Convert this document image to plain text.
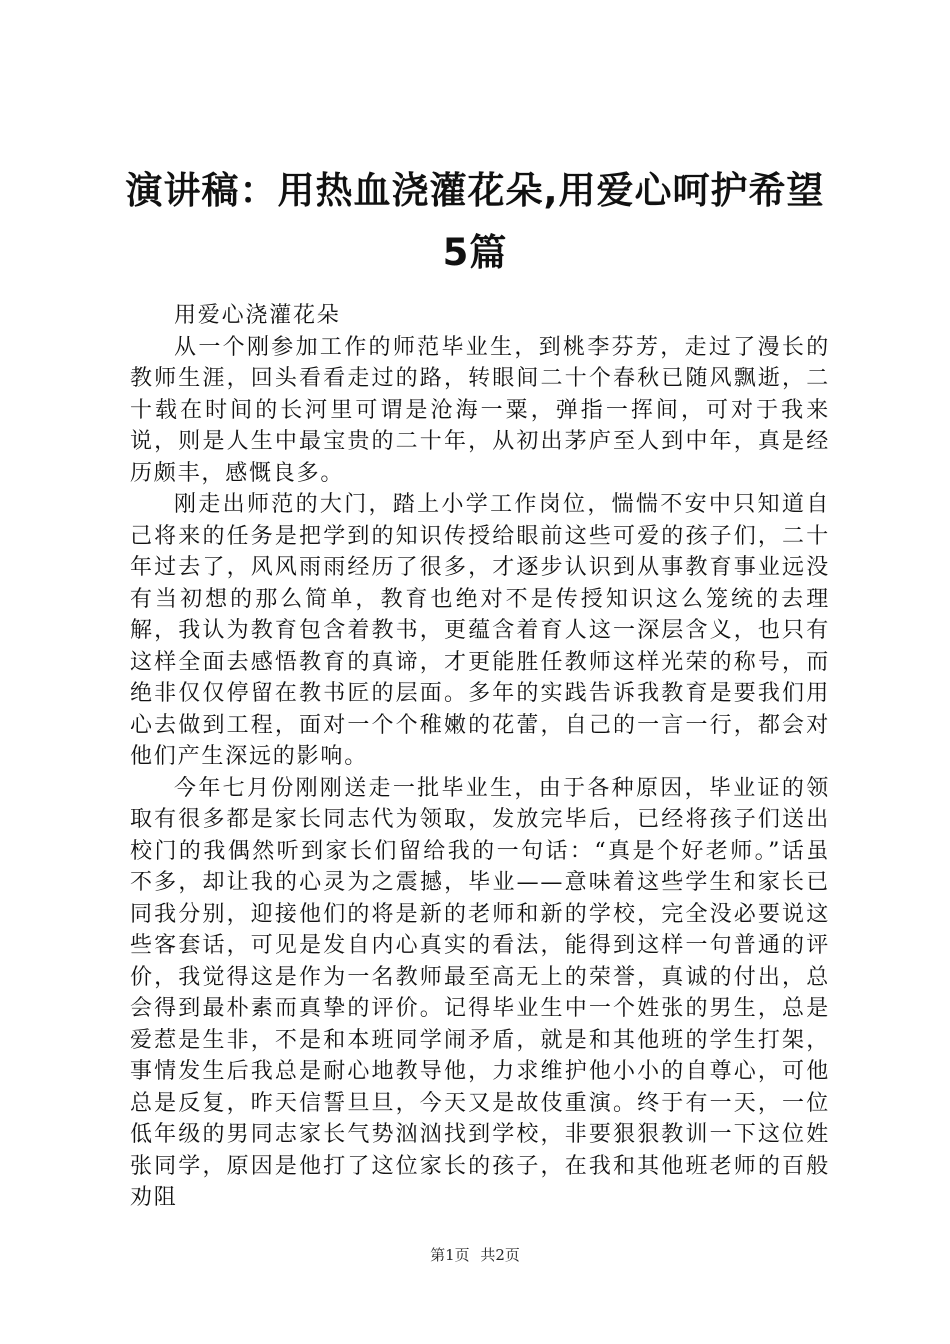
演讲稿：用热血浇灌花朵,用爱心呵护希望5篇

用爱心浇灌花朵

从一个刚参加工作的师范毕业生，到桃李芬芳，走过了漫长的教师生涯，回头看看走过的路，转眼间二十个春秋已随风飘逝，二十载在时间的长河里可谓是沧海一粟，弹指一挥间，可对于我来说，则是人生中最宝贵的二十年，从初出茅庐至人到中年，真是经历颇丰，感慨良多。

刚走出师范的大门，踏上小学工作岗位，惴惴不安中只知道自己将来的任务是把学到的知识传授给眼前这些可爱的孩子们，二十年过去了，风风雨雨经历了很多，才逐步认识到从事教育事业远没有当初想的那么简单，教育也绝对不是传授知识这么笼统的去理解，我认为教育包含着教书，更蕴含着育人这一深层含义，也只有这样全面去感悟教育的真谛，才更能胜任教师这样光荣的称号，而绝非仅仅停留在教书匠的层面。多年的实践告诉我教育是要我们用心去做到工程，面对一个个稚嫩的花蕾，自己的一言一行，都会对他们产生深远的影响。

今年七月份刚刚送走一批毕业生，由于各种原因，毕业证的领取有很多都是家长同志代为领取，发放完毕后，已经将孩子们送出校门的我偶然听到家长们留给我的一句话：“真是个好老师。”话虽不多，却让我的心灵为之震撼，毕业——意味着这些学生和家长已同我分别，迎接他们的将是新的老师和新的学校，完全没必要说这些客套话，可见是发自内心真实的看法，能得到这样一句普通的评价，我觉得这是作为一名教师最至高无上的荣誉，真诚的付出，总会得到最朴素而真挚的评价。记得毕业生中一个姓张的男生，总是爱惹是生非，不是和本班同学闹矛盾，就是和其他班的学生打架，事情发生后我总是耐心地教导他，力求维护他小小的自尊心，可他总是反复，昨天信誓旦旦，今天又是故伎重演。终于有一天，一位低年级的男同志家长气势汹汹找到学校，非要狠狠教训一下这位姓张同学，原因是他打了这位家长的孩子，在我和其他班老师的百般劝阻

第1页 共2页
